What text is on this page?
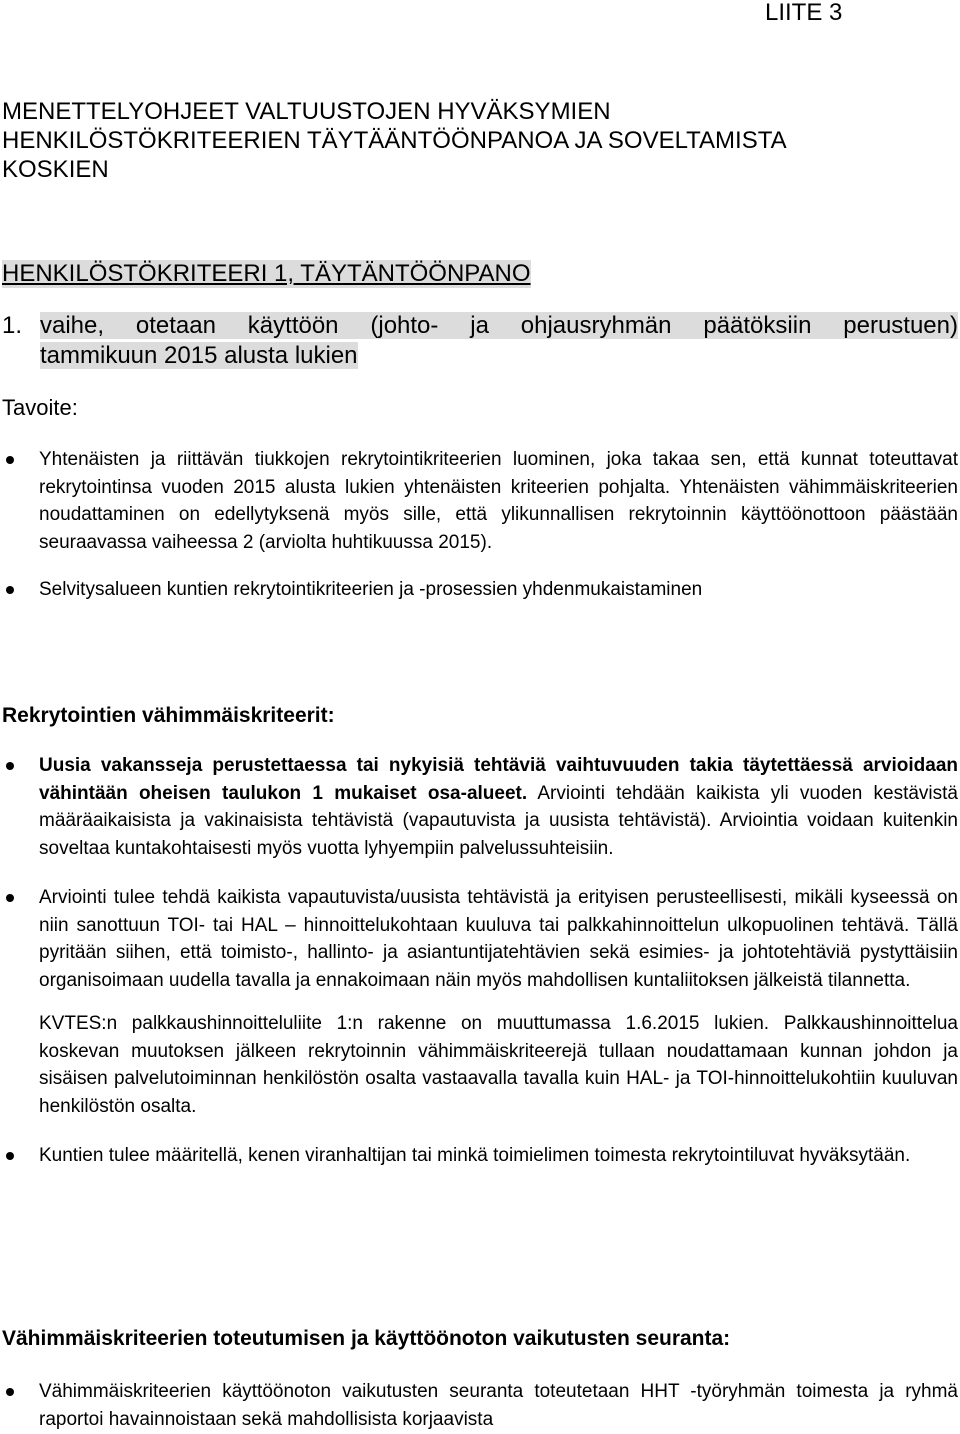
LIITE 3
MENETTELYOHJEET VALTUUSTOJEN HYVÄKSYMIEN
HENKILÖSTÖKRITEERIEN TÄYTÄÄNTÖÖNPANOA JA SOVELTAMISTA
KOSKIEN
HENKILÖSTÖKRITEERI 1, TÄYTÄNTÖÖNPANO
1. vaihe, otetaan käyttöön (johto- ja ohjausryhmän päätöksiin perustuen)
tammikuun 2015 alusta lukien
Tavoite:
Yhtenäisten ja riittävän tiukkojen rekrytointikriteerien luominen, joka takaa sen, että kunnat toteuttavat rekrytointinsa vuoden 2015 alusta lukien yhtenäisten kriteerien pohjalta. Yhtenäisten vähimmäiskriteerien noudattaminen on edellytyksenä myös sille, että ylikunnallisen rekrytoinnin käyttöönottoon päästään seuraavassa vaiheessa 2 (arviolta huhtikuussa 2015).
Selvitysalueen kuntien rekrytointikriteerien ja -prosessien yhdenmukaistaminen
Rekrytointien vähimmäiskriteerit:
Uusia vakansseja perustettaessa tai nykyisiä tehtäviä vaihtuvuuden takia täytettäessä arvioidaan vähintään oheisen taulukon 1 mukaiset osa-alueet. Arviointi tehdään kaikista yli vuoden kestävistä määräaikaisista ja vakinaisista tehtävistä (vapautuvista ja uusista tehtävistä). Arviointia voidaan kuitenkin soveltaa kuntakohtaisesti myös vuotta lyhyempiin palvelussuhteisiin.
Arviointi tulee tehdä kaikista vapautuvista/uusista tehtävistä ja erityisen perusteellisesti, mikäli kyseessä on niin sanottuun TOI- tai HAL – hinnoittelukohtaan kuuluva tai palkkahinnoittelun ulkopuolinen tehtävä. Tällä pyritään siihen, että toimisto-, hallinto- ja asiantuntijatehtävien sekä esimies- ja johtotehtäviä pystyttäisiin organisoimaan uudella tavalla ja ennakoimaan näin myös mahdollisen kuntaliitoksen jälkeistä tilannetta.
KVTES:n palkkaushinnoitteluliite 1:n rakenne on muuttumassa 1.6.2015 lukien. Palkkaushinnoittelua koskevan muutoksen jälkeen rekrytoinnin vähimmäiskriteerejä tullaan noudattamaan kunnan johdon ja sisäisen palvelutoiminnan henkilöstön osalta vastaavalla tavalla kuin HAL- ja TOI-hinnoittelukohtiin kuuluvan henkilöstön osalta.
Kuntien tulee määritellä, kenen viranhaltijan tai minkä toimielimen toimesta rekrytointiluvat hyväksytään.
Vähimmäiskriteerien toteutumisen ja käyttöönoton vaikutusten seuranta:
Vähimmäiskriteerien käyttöönoton vaikutusten seuranta toteutetaan HHT -työryhmän toimesta ja ryhmä raportoi havainnoistaan sekä mahdollisista korjaavista
